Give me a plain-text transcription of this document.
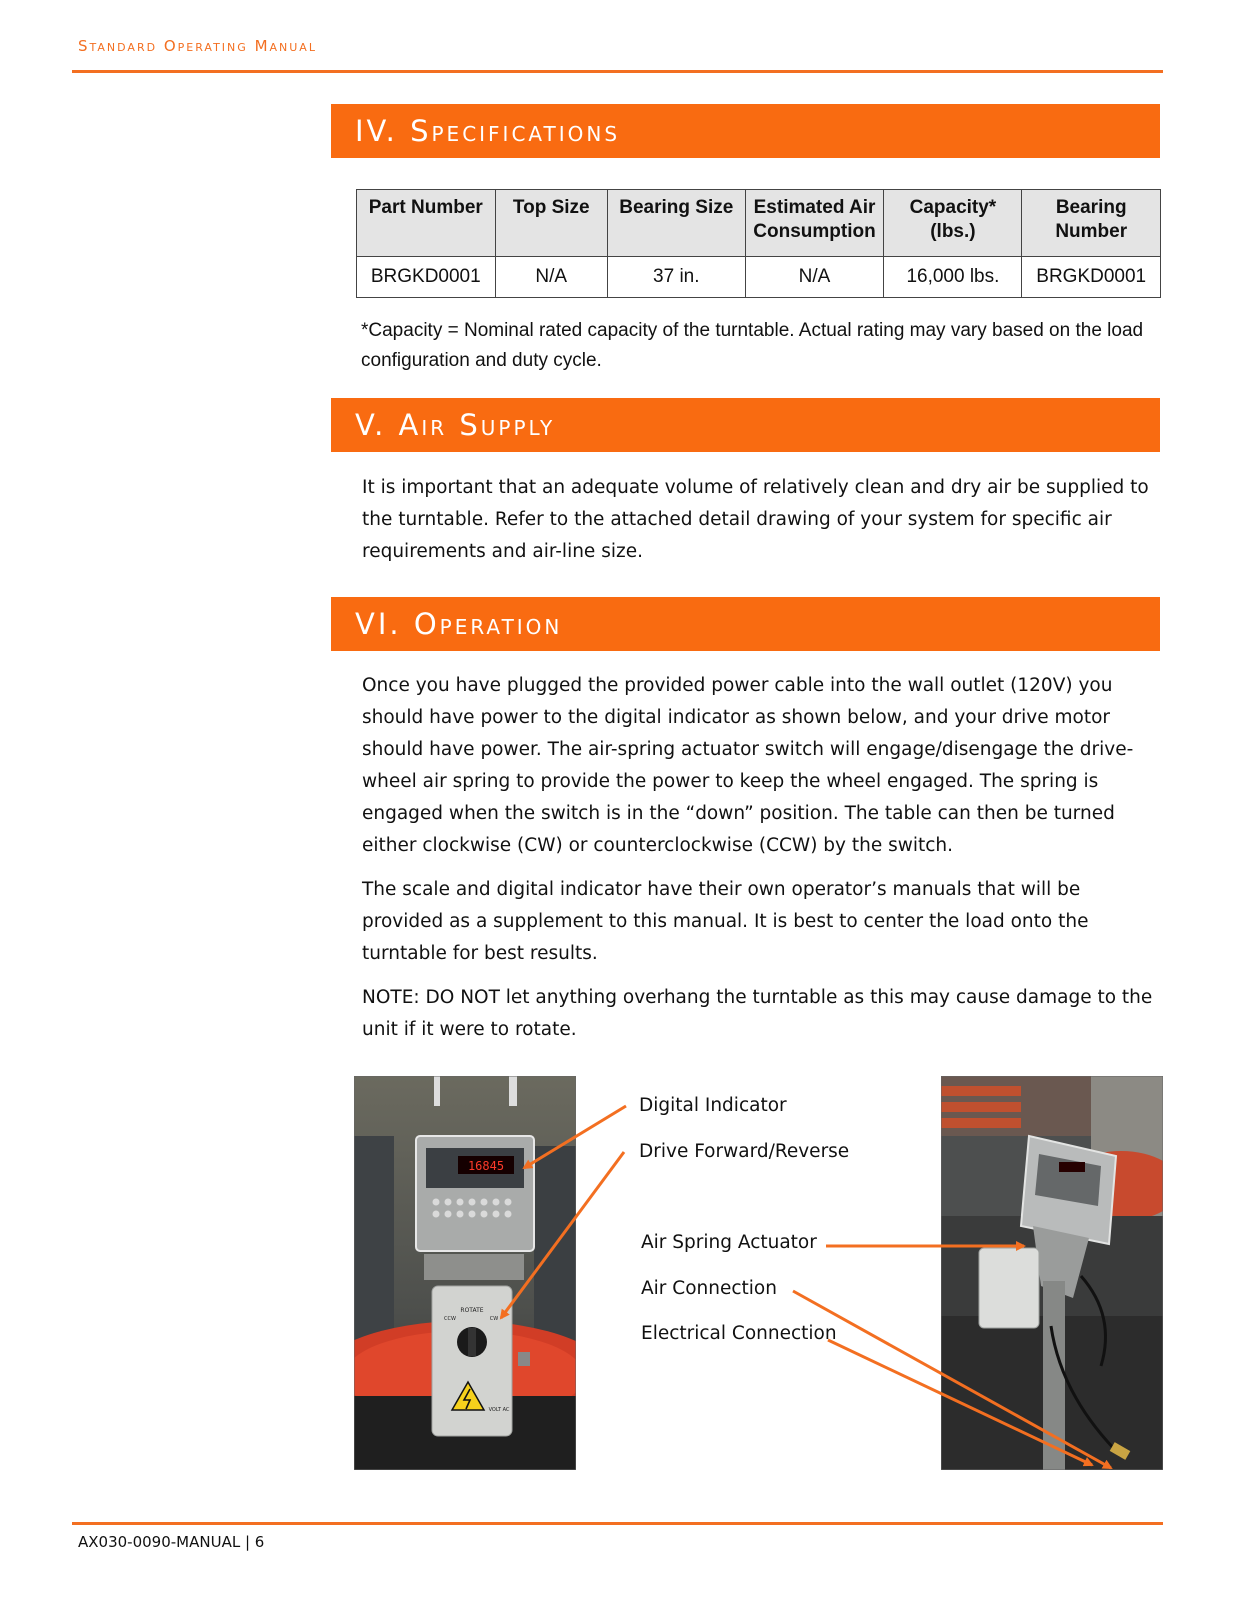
Standard Operating Manual
IV. Specifications
Part Number	Top Size	Bearing Size	Estimated Air Consumption	Capacity* (lbs.)	Bearing Number
BRGKD0001	N/A	37 in.	N/A	16,000 lbs.	BRGKD0001
*Capacity = Nominal rated capacity of the turntable. Actual rating may vary based on the load configuration and duty cycle.
V. Air Supply

It is important that an adequate volume of relatively clean and dry air be supplied to the turntable. Refer to the attached detail drawing of your system for specific air requirements and air-line size.

VI. Operation

Once you have plugged the provided power cable into the wall outlet (120V) you should have power to the digital indicator as shown below, and your drive motor should have power. The air-spring actuator switch will engage/disengage the drive-wheel air spring to provide the power to keep the wheel engaged. The spring is engaged when the switch is in the “down” position. The table can then be turned either clockwise (CW) or counterclockwise (CCW) by the switch.

The scale and digital indicator have their own operator’s manuals that will be provided as a supplement to this manual. It is best to center the load onto the turntable for best results.

NOTE: DO NOT let anything overhang the turntable as this may cause damage to the unit if it were to rotate.

16845
ROTATE
CCW	CW
VOLT AC
Digital Indicator
Drive Forward/Reverse
Air Spring Actuator
Air Connection
Electrical Connection
AX030-0090-MANUAL | 6
